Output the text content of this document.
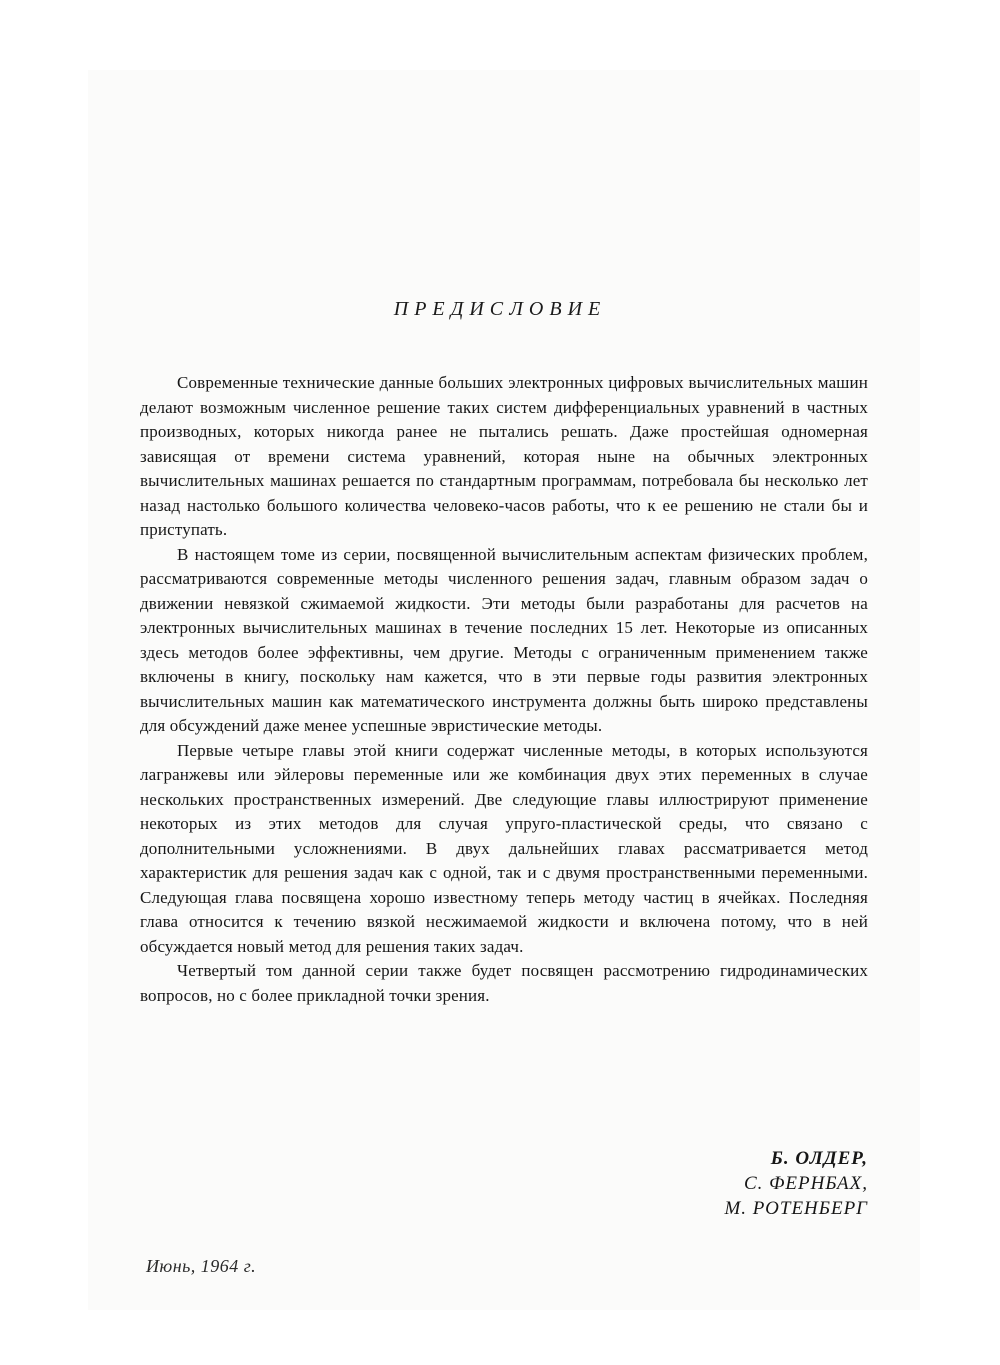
ПРЕДИСЛОВИЕ

Современные технические данные больших электронных цифровых вычислительных машин делают возможным численное решение таких систем дифференциальных уравнений в частных производных, которых никогда ранее не пытались решать. Даже простейшая одномерная зависящая от времени система уравнений, которая ныне на обычных электронных вычислительных машинах решается по стандартным программам, потребовала бы несколько лет назад настолько большого количества человеко-часов работы, что к ее решению не стали бы и приступать.

В настоящем томе из серии, посвященной вычислительным аспектам физических проблем, рассматриваются современные методы численного решения задач, главным образом задач о движении невязкой сжимаемой жидкости. Эти методы были разработаны для расчетов на электронных вычислительных машинах в течение последних 15 лет. Некоторые из описанных здесь методов более эффективны, чем другие. Методы с ограниченным применением также включены в книгу, поскольку нам кажется, что в эти первые годы развития электронных вычислительных машин как математического инструмента должны быть широко представлены для обсуждений даже менее успешные эвристические методы.

Первые четыре главы этой книги содержат численные методы, в которых используются лагранжевы или эйлеровы переменные или же комбинация двух этих переменных в случае нескольких пространственных измерений. Две следующие главы иллюстрируют применение некоторых из этих методов для случая упруго-пластической среды, что связано с дополнительными усложнениями. В двух дальнейших главах рассматривается метод характеристик для решения задач как с одной, так и с двумя пространственными переменными. Следующая глава посвящена хорошо известному теперь методу частиц в ячейках. Последняя глава относится к течению вязкой несжимаемой жидкости и включена потому, что в ней обсуждается новый метод для решения таких задач.

Четвертый том данной серии также будет посвящен рассмотрению гидродинамических вопросов, но с более прикладной точки зрения.

Б. ОЛДЕР,
С. ФЕРНБАХ,
М. РОТЕНБЕРГ
Июнь, 1964 г.
